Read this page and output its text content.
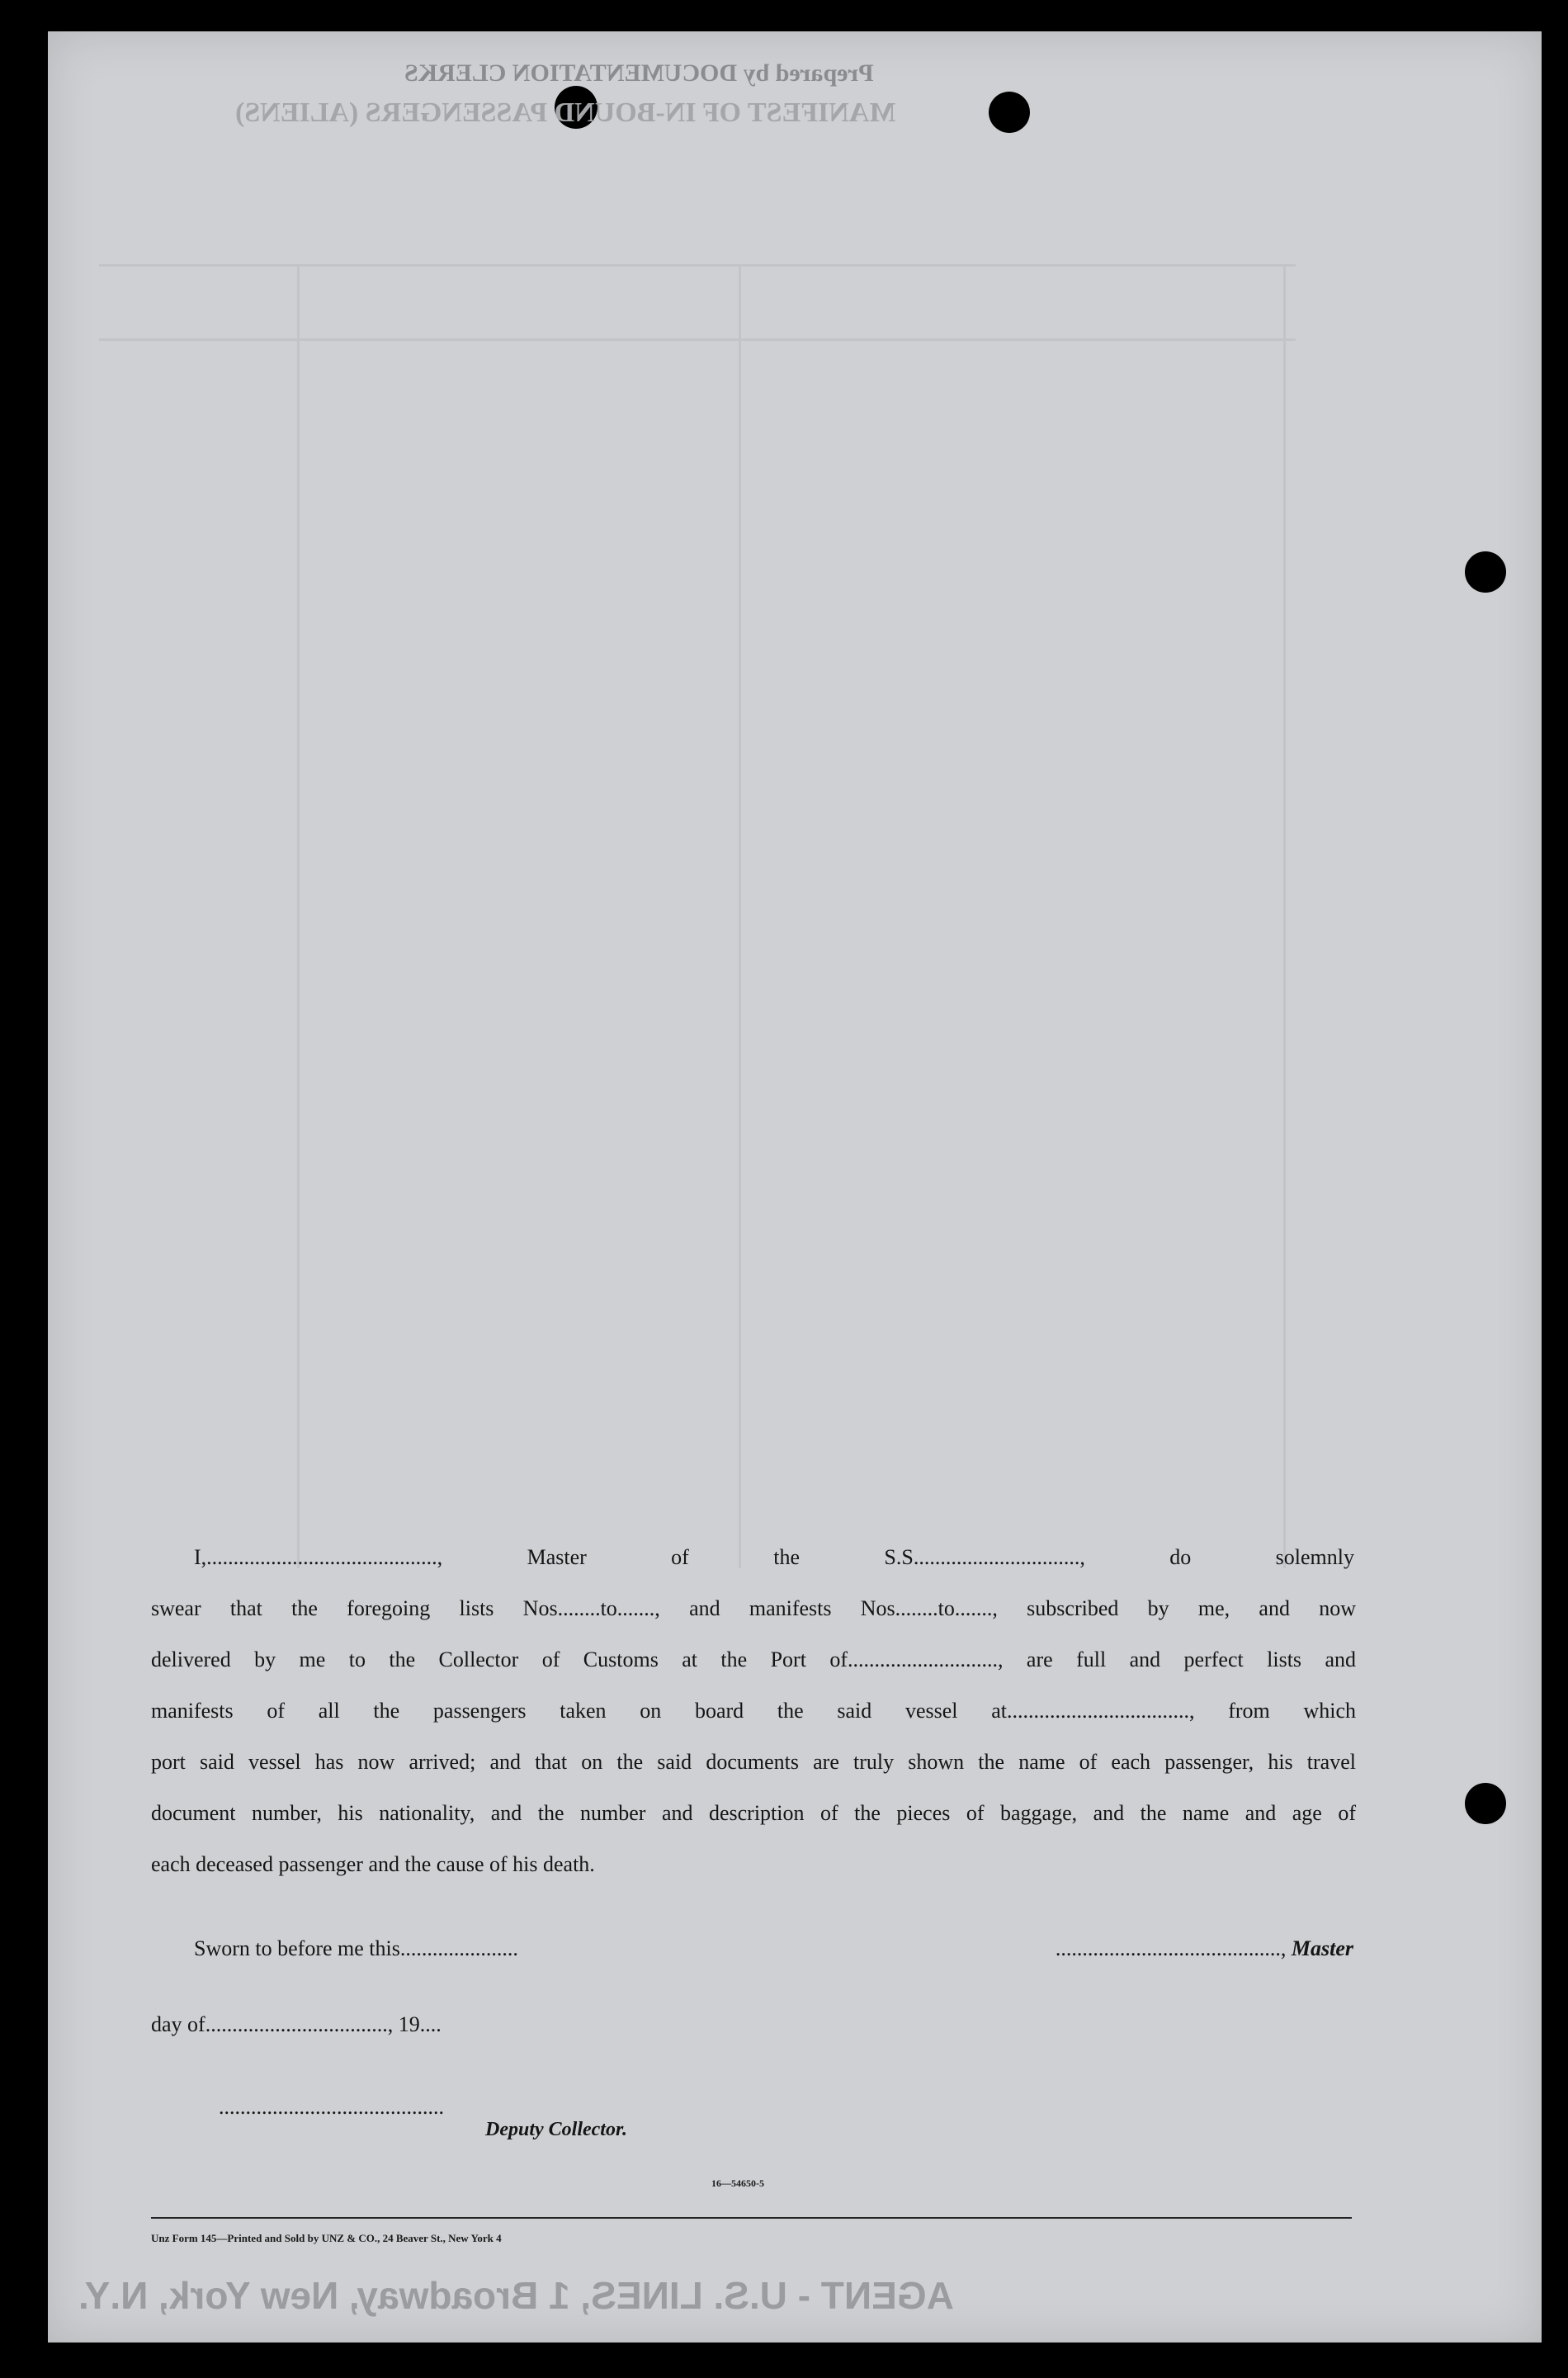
Prepared by DOCUMENTATION CLERKS
MANIFEST OF IN-BOUND PASSENGERS (ALIENS)
I,..........................................., Master of the S.S..............................., do solemnly
swear that the foregoing lists Nos........to......., and manifests Nos........to......., subscribed by me, and now
delivered by me to the Collector of Customs at the Port of............................, are full and perfect lists and
manifests of all the passengers taken on board the said vessel at.................................., from which
port said vessel has now arrived; and that on the said documents are truly shown the name of each passenger, his travel
document number, his nationality, and the number and description of the pieces of baggage, and the name and age of
each deceased passenger and the cause of his death.
Sworn to before me this......................	.........................................., Master
day of.................................., 19....
..........................................
Deputy Collector.
16—54650-5
Unz Form 145—Printed and Sold by UNZ & CO., 24 Beaver St., New York 4
AGENT - U.S. LINES, 1 Broadway, New York, N.Y.
